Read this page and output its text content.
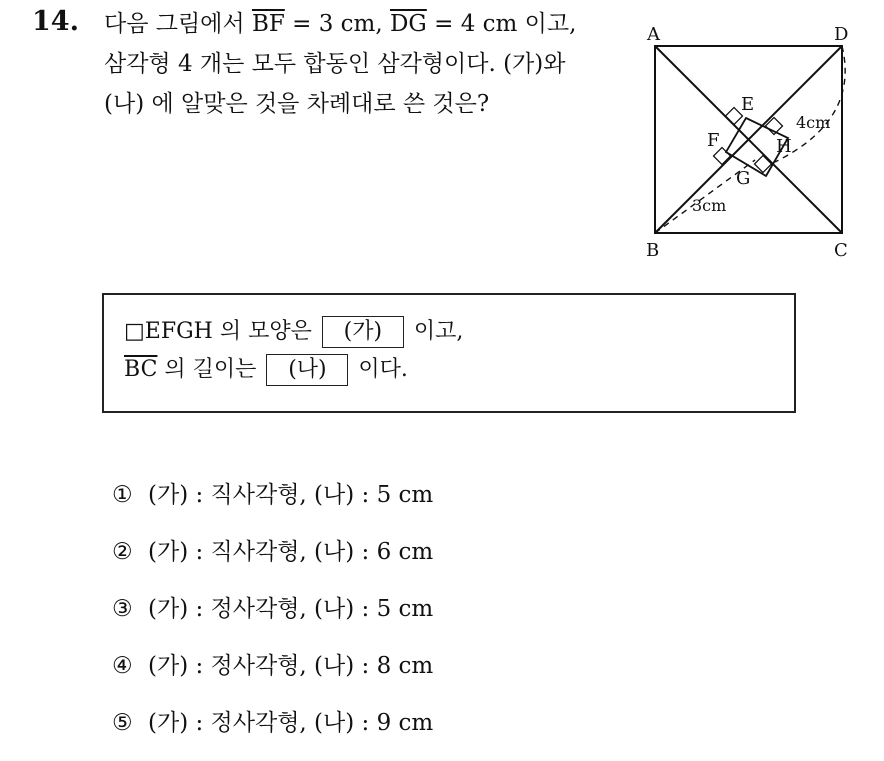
14. 다음 그림에서 $\overline{BF} = 3$ cm, $\overline{DG} = 4$ cm 이고,
삼각형 4 개는 모두 합동인 삼각형이다. (가)와
(나) 에 알맞은 것을 차례대로 쓴 것은?
A	D
B	C
E
F
G
H
4cm
3cm
□EFGH 의 모양은 (가) 이고,
$\overline{BC}$ 의 길이는 (나) 이다.
① (가) : 직사각형, (나) : 5 cm
② (가) : 직사각형, (나) : 6 cm
③ (가) : 정사각형, (나) : 5 cm
④ (가) : 정사각형, (나) : 8 cm
⑤ (가) : 정사각형, (나) : 9 cm
